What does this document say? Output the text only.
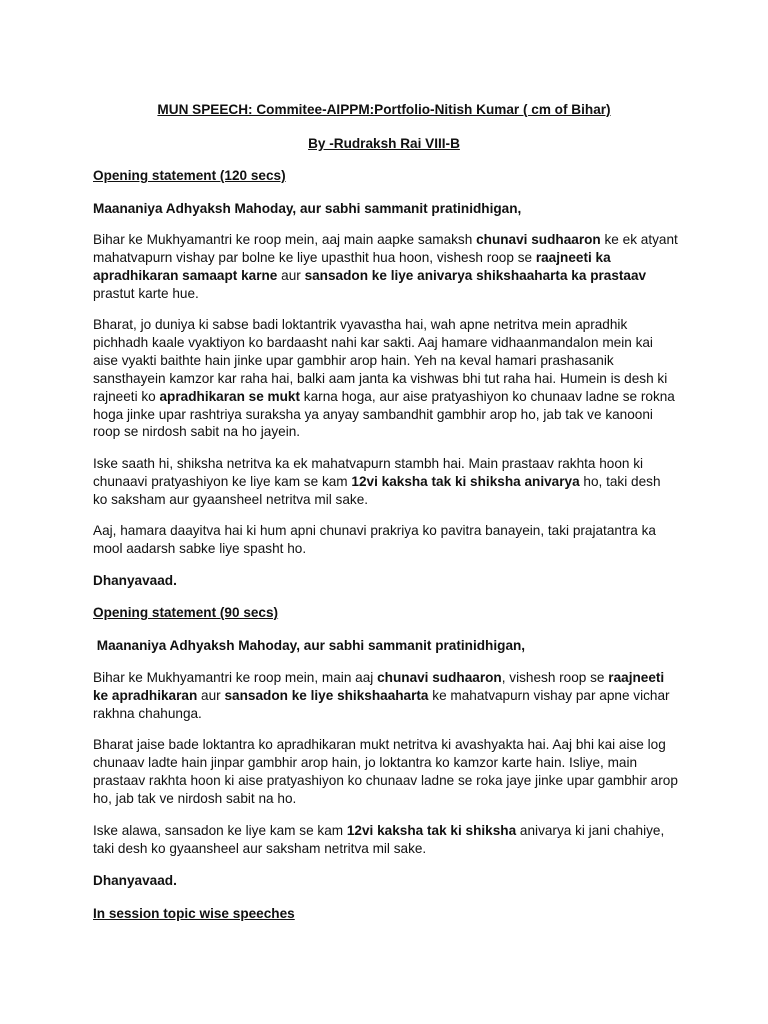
MUN SPEECH: Commitee-AIPPM:Portfolio-Nitish Kumar ( cm of Bihar)

By -Rudraksh Rai VIII-B

Opening statement (120 secs)

Maananiya Adhyaksh Mahoday, aur sabhi sammanit pratinidhigan,

Bihar ke Mukhyamantri ke roop mein, aaj main aapke samaksh chunavi sudhaaron ke ek atyant mahatvapurn vishay par bolne ke liye upasthit hua hoon, vishesh roop se raajneeti ka apradhikaran samaapt karne aur sansadon ke liye anivarya shikshaaharta ka prastaav prastut karte hue.

Bharat, jo duniya ki sabse badi loktantrik vyavastha hai, wah apne netritva mein apradhik pichhadh kaale vyaktiyon ko bardaasht nahi kar sakti. Aaj hamare vidhaanmandalon mein kai aise vyakti baithte hain jinke upar gambhir arop hain. Yeh na keval hamari prashasanik sansthayein kamzor kar raha hai, balki aam janta ka vishwas bhi tut raha hai. Humein is desh ki rajneeti ko apradhikaran se mukt karna hoga, aur aise pratyashiyon ko chunaav ladne se rokna hoga jinke upar rashtriya suraksha ya anyay sambandhit gambhir arop ho, jab tak ve kanooni roop se nirdosh sabit na ho jayein.

Iske saath hi, shiksha netritva ka ek mahatvapurn stambh hai. Main prastaav rakhta hoon ki chunaavi pratyashiyon ke liye kam se kam 12vi kaksha tak ki shiksha anivarya ho, taki desh ko saksham aur gyaansheel netritva mil sake.

Aaj, hamara daayitva hai ki hum apni chunavi prakriya ko pavitra banayein, taki prajatantra ka mool aadarsh sabke liye spasht ho.

Dhanyavaad.

Opening statement (90 secs)

Maananiya Adhyaksh Mahoday, aur sabhi sammanit pratinidhigan,

Bihar ke Mukhyamantri ke roop mein, main aaj chunavi sudhaaron, vishesh roop se raajneeti ke apradhikaran aur sansadon ke liye shikshaaharta ke mahatvapurn vishay par apne vichar rakhna chahunga.

Bharat jaise bade loktantra ko apradhikaran mukt netritva ki avashyakta hai. Aaj bhi kai aise log chunaav ladte hain jinpar gambhir arop hain, jo loktantra ko kamzor karte hain. Isliye, main prastaav rakhta hoon ki aise pratyashiyon ko chunaav ladne se roka jaye jinke upar gambhir arop ho, jab tak ve nirdosh sabit na ho.

Iske alawa, sansadon ke liye kam se kam 12vi kaksha tak ki shiksha anivarya ki jani chahiye, taki desh ko gyaansheel aur saksham netritva mil sake.

Dhanyavaad.

In session topic wise speeches
